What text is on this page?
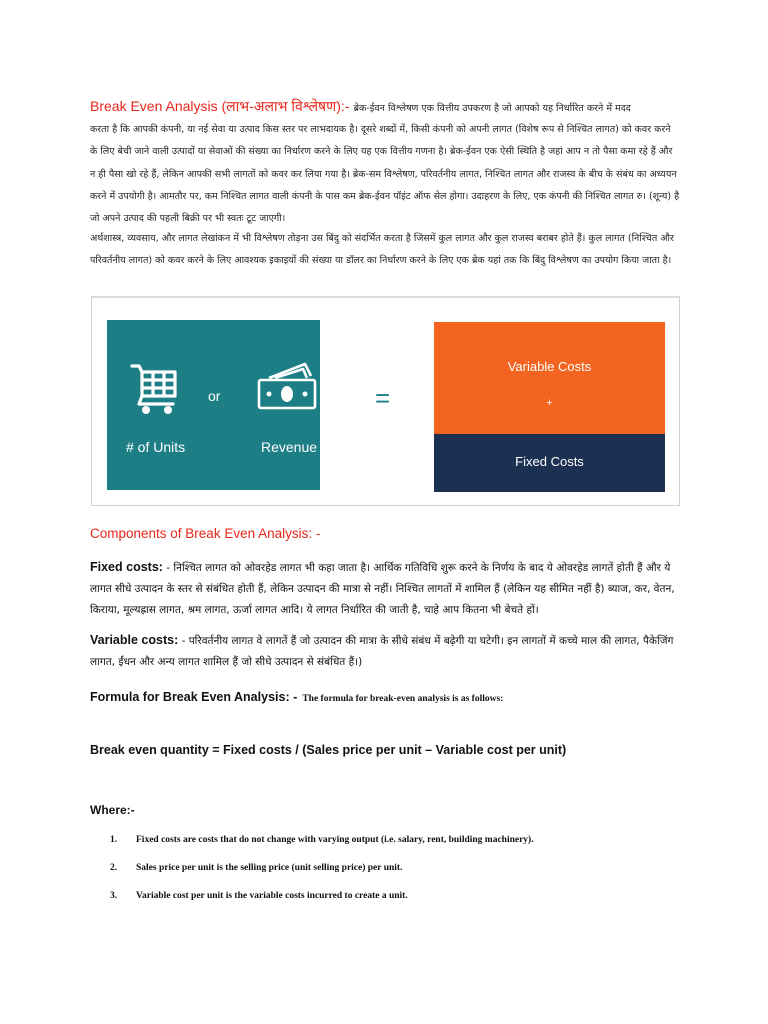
Break Even Analysis (लाभ-अलाभ विश्लेषण):- ब्रेक-ईवन विश्लेषण एक वित्तीय उपकरण है जो आपको यह निर्धारित करने में मदद
करता है कि आपकी कंपनी, या नई सेवा या उत्पाद किस स्तर पर लाभदायक है। दूसरे शब्दों में, किसी कंपनी को अपनी लागत (विशेष रूप से निश्चित लागत) को कवर करने के लिए बेची जाने वाली उत्पादों या सेवाओं की संख्या का निर्धारण करने के लिए यह एक वित्तीय गणना है। ब्रेक-ईवन एक ऐसी स्थिति है जहां आप न तो पैसा कमा रहे हैं और न ही पैसा खो रहे हैं, लेकिन आपकी सभी लागतों को कवर कर लिया गया है। ब्रेक-सम विश्लेषण, परिवर्तनीय लागत, निश्चित लागत और राजस्व के बीच के संबंध का अध्ययन करने में उपयोगी है। आमतौर पर, कम निश्चित लागत वाली कंपनी के पास कम ब्रेक-ईवन पॉइंट ऑफ सेल होगा। उदाहरण के लिए, एक कंपनी की निश्चित लागत रु। (शून्य) है जो अपने उत्पाद की पहली बिक्री पर भी स्वतः टूट जाएगी।
अर्थशास्त्र, व्यवसाय, और लागत लेखांकन में भी विश्लेषण तोड़ना उस बिंदु को संदर्भित करता है जिसमें कुल लागत और कुल राजस्व बराबर होते हैं। कुल लागत (निश्चित और परिवर्तनीय लागत) को कवर करने के लिए आवश्यक इकाइयों की संख्या या डॉलर का निर्धारण करने के लिए एक ब्रेक यहां तक कि बिंदु विश्लेषण का उपयोग किया जाता है।
or
# of Units	Revenue
=
Variable Costs
+
Fixed Costs
Components of Break Even Analysis: -
Fixed costs: - निश्चित लागत को ओवरहेड लागत भी कहा जाता है। आर्थिक गतिविधि शुरू करने के निर्णय के बाद ये ओवरहेड लागतें होती हैं और ये लागत सीधे उत्पादन के स्तर से संबंधित होती हैं, लेकिन उत्पादन की मात्रा से नहीं। निश्चित लागतों में शामिल हैं (लेकिन यह सीमित नहीं है) ब्याज, कर, वेतन, किराया, मूल्यह्रास लागत, श्रम लागत, ऊर्जा लागत आदि। ये लागत निर्धारित की जाती है, चाहे आप कितना भी बेचते हों।
Variable costs: - परिवर्तनीय लागत वे लागतें हैं जो उत्पादन की मात्रा के सीधे संबंध में बढ़ेगी या घटेगी। इन लागतों में कच्चे माल की लागत, पैकेजिंग लागत, ईंधन और अन्य लागत शामिल हैं जो सीधे उत्पादन से संबंधित हैं।)
Formula for Break Even Analysis: - The formula for break-even analysis is as follows:
Break even quantity = Fixed costs / (Sales price per unit – Variable cost per unit)
Where:-
1. Fixed costs are costs that do not change with varying output (i.e. salary, rent, building machinery).
2. Sales price per unit is the selling price (unit selling price) per unit.
3. Variable cost per unit is the variable costs incurred to create a unit.
